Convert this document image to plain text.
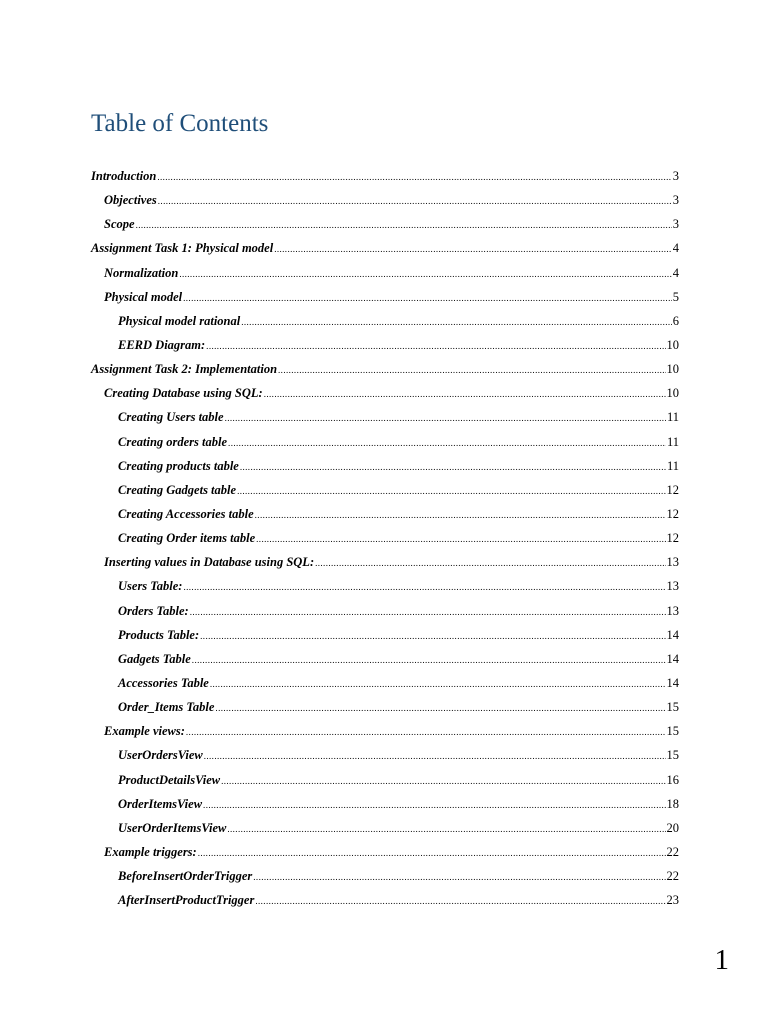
Table of Contents
Introduction .....	3
Objectives .....	3
Scope .....	3
Assignment Task 1: Physical model .....	4
Normalization .....	4
Physical model .....	5
Physical model rational .....	6
EERD Diagram: .....	10
Assignment Task 2: Implementation .....	10
Creating Database using SQL: .....	10
Creating Users table .....	11
Creating orders table .....	11
Creating products table .....	11
Creating Gadgets table .....	12
Creating Accessories table .....	12
Creating Order items table .....	12
Inserting values in Database using SQL: .....	13
Users Table: .....	13
Orders Table: .....	13
Products Table: .....	14
Gadgets Table .....	14
Accessories Table .....	14
Order_Items Table .....	15
Example views: .....	15
UserOrdersView .....	15
ProductDetailsView .....	16
OrderItemsView .....	18
UserOrderItemsView .....	20
Example triggers: .....	22
BeforeInsertOrderTrigger .....	22
AfterInsertProductTrigger .....	23
1
